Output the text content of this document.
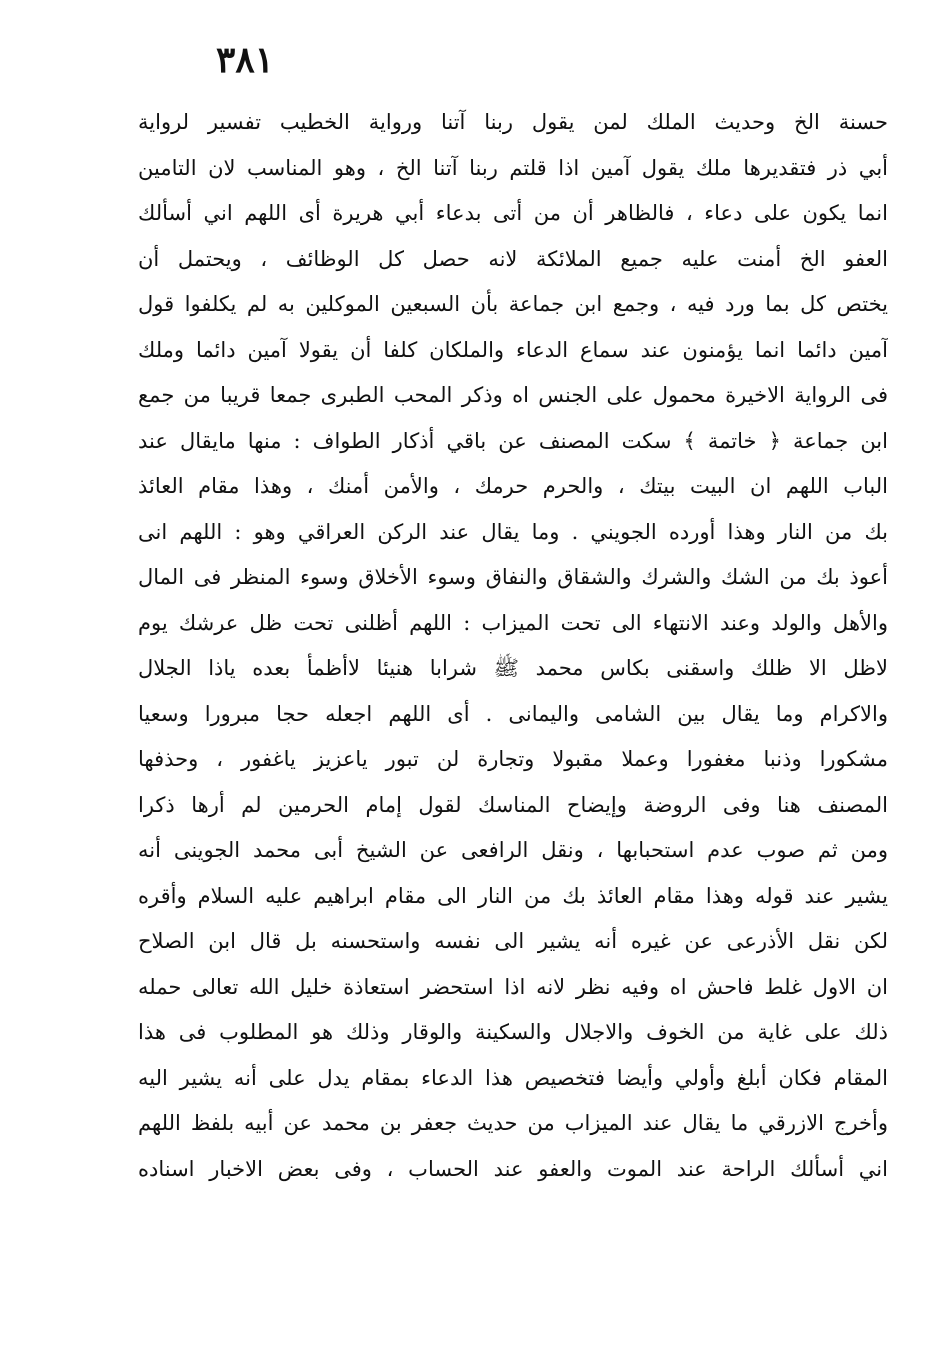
٣٨١
حسنة الخ وحديث الملك لمن يقول ربنا آتنا ورواية الخطيب تفسير لرواية
أبي ذر فتقديرها ملك يقول آمين اذا قلتم ربنا آتنا الخ ، وهو المناسب لان التامين
انما يكون على دعاء ، فالظاهر أن من أتى بدعاء أبي هريرة أى اللهم اني أسألك
العفو الخ أمنت عليه جميع الملائكة لانه حصل كل الوظائف ، ويحتمل أن
يختص كل بما ورد فيه ، وجمع ابن جماعة بأن السبعين الموكلين به لم يكلفوا قول
آمين دائما انما يؤمنون عند سماع الدعاء والملكان كلفا أن يقولا آمين دائما وملك
فى الرواية الاخيرة محمول على الجنس اه وذكر المحب الطبرى جمعا قريبا من جمع
ابن جماعة ﴿ خاتمة ﴾ سكت المصنف عن باقي أذكار الطواف : منها مايقال عند
الباب اللهم ان البيت بيتك ، والحرم حرمك ، والأمن أمنك ، وهذا مقام العائذ
بك من النار وهذا أورده الجويني . وما يقال عند الركن العراقي وهو : اللهم انى
أعوذ بك من الشك والشرك والشقاق والنفاق وسوء الأخلاق وسوء المنظر فى المال
والأهل والولد وعند الانتهاء الى تحت الميزاب : اللهم أظلنى تحت ظل عرشك يوم
لاظل الا ظلك واسقنى بكاس محمد ﷺ شرابا هنيئا لاأظمأ بعده ياذا الجلال
والاكرام وما يقال بين الشامى واليمانى . أى اللهم اجعله حجا مبرورا وسعيا
مشكورا وذنبا مغفورا وعملا مقبولا وتجارة لن تبور ياعزيز ياغفور ، وحذفها
المصنف هنا وفى الروضة وإيضاح المناسك لقول إمام الحرمين لم أرها ذكرا
ومن ثم صوب عدم استحبابها ، ونقل الرافعى عن الشيخ أبى محمد الجوينى أنه
يشير عند قوله وهذا مقام العائذ بك من النار الى مقام ابراهيم عليه السلام وأقره
لكن نقل الأذرعى عن غيره أنه يشير الى نفسه واستحسنه بل قال ابن الصلاح
ان الاول غلط فاحش اه وفيه نظر لانه اذا استحضر استعاذة خليل الله تعالى حمله
ذلك على غاية من الخوف والاجلال والسكينة والوقار وذلك هو المطلوب فى هذا
المقام فكان أبلغ وأولي وأيضا فتخصيص هذا الدعاء بمقام يدل على أنه يشير اليه
وأخرج الازرقي ما يقال عند الميزاب من حديث جعفر بن محمد عن أبيه بلفظ اللهم
اني أسألك الراحة عند الموت والعفو عند الحساب ، وفى بعض الاخبار اسناده
